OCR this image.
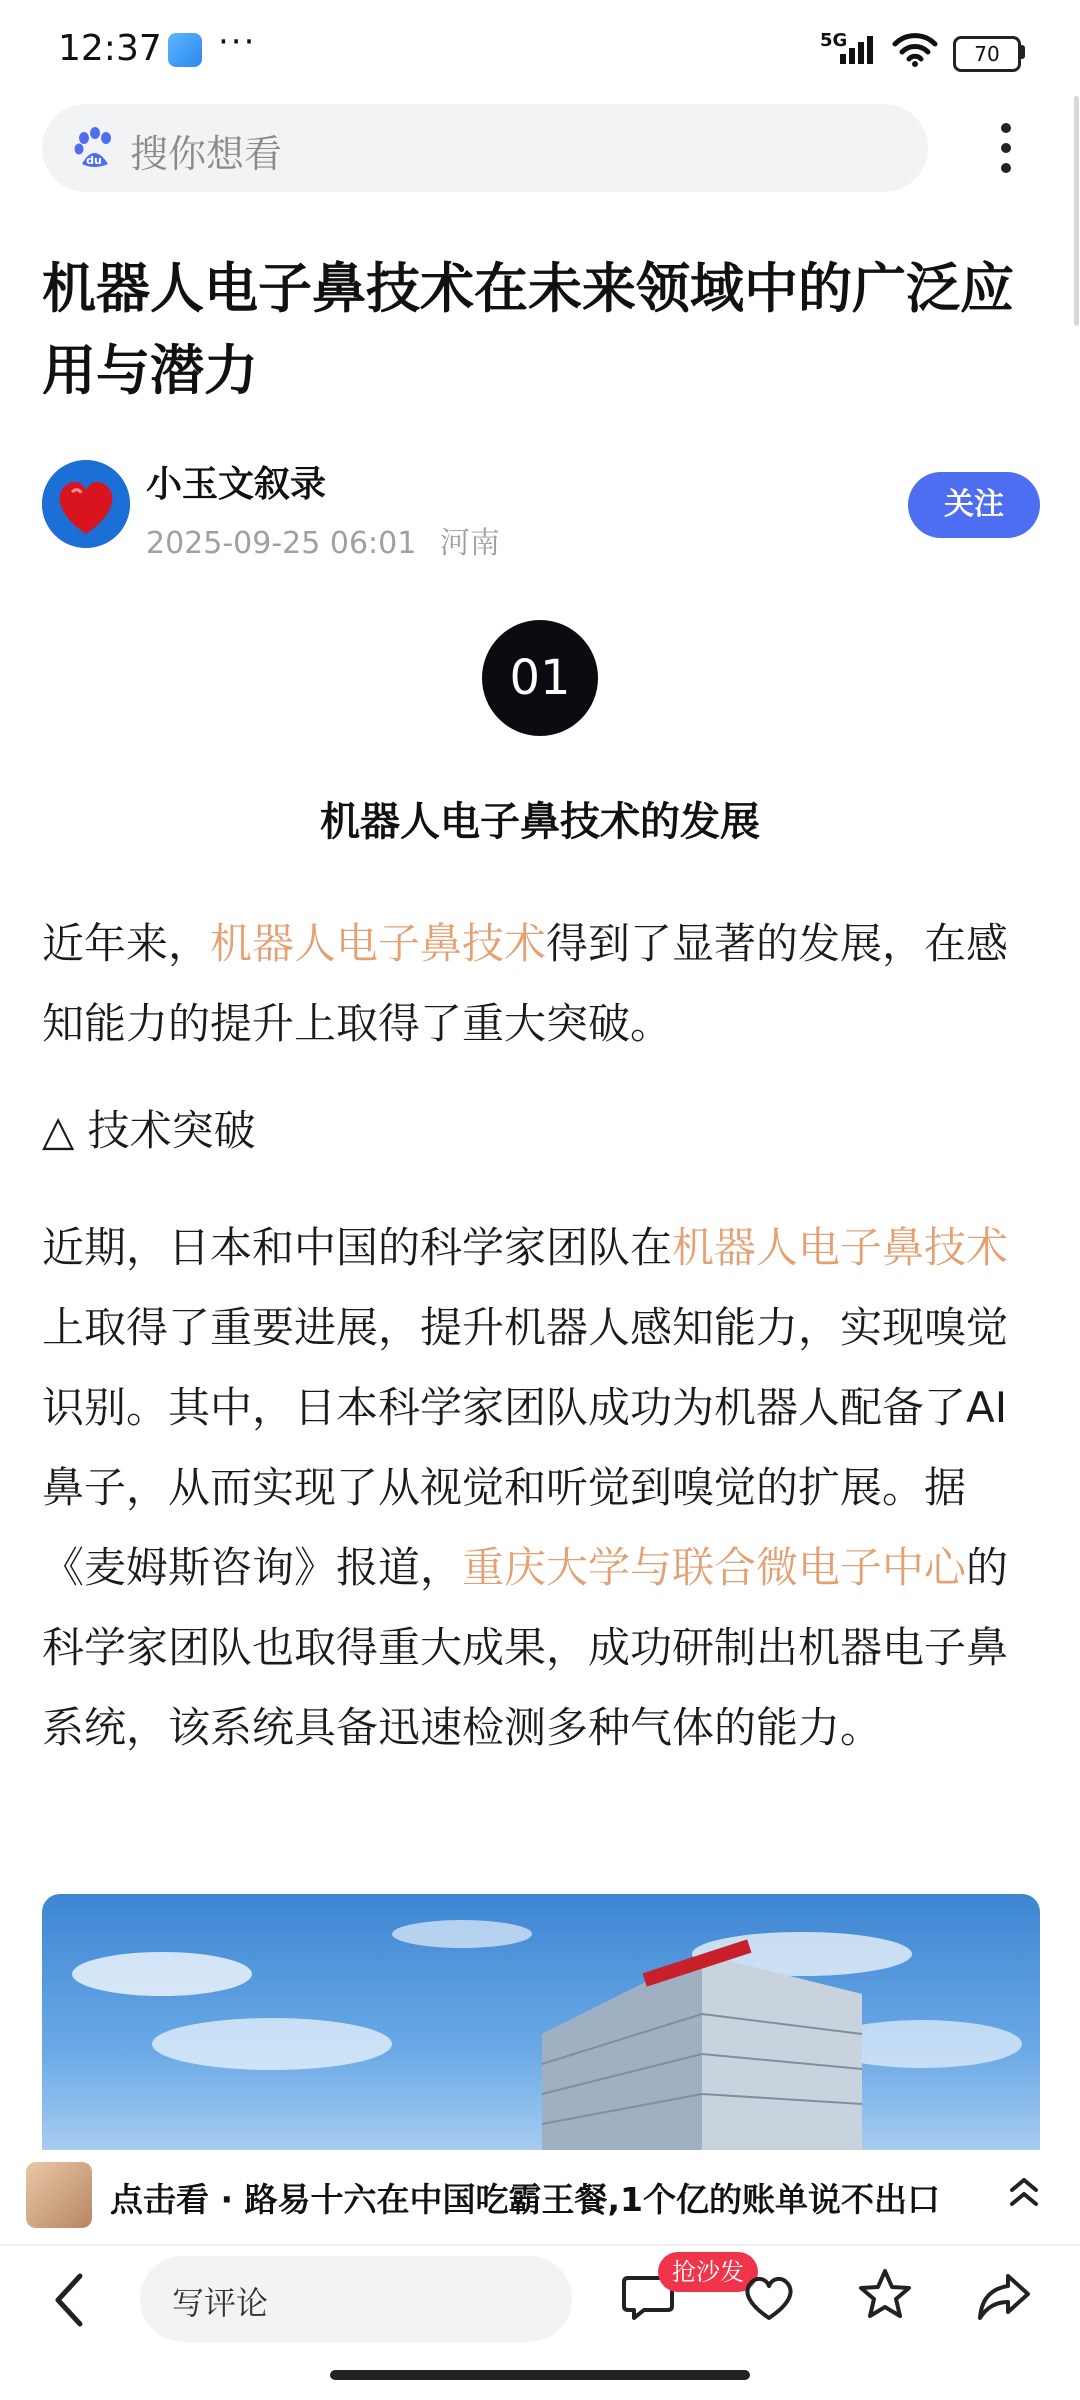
12:37 ···	5G
70
du 搜你想看
机器人电子鼻技术在未来领域中的广泛应用与潜力
小玉文叙录
2025-09-25 06:01 河南
关注
01
机器人电子鼻技术的发展
近年来，机器人电子鼻技术得到了显著的发展，在感知能力的提升上取得了重大突破。
△ 技术突破
近期，日本和中国的科学家团队在机器人电子鼻技术上取得了重要进展，提升机器人感知能力，实现嗅觉识别。其中，日本科学家团队成功为机器人配备了AI鼻子，从而实现了从视觉和听觉到嗅觉的扩展。据《麦姆斯咨询》报道，重庆大学与联合微电子中心的科学家团队也取得重大成果，成功研制出机器电子鼻系统，该系统具备迅速检测多种气体的能力。
点击看 · 路易十六在中国吃霸王餐,1个亿的账单说不出口
写评论
抢沙发
